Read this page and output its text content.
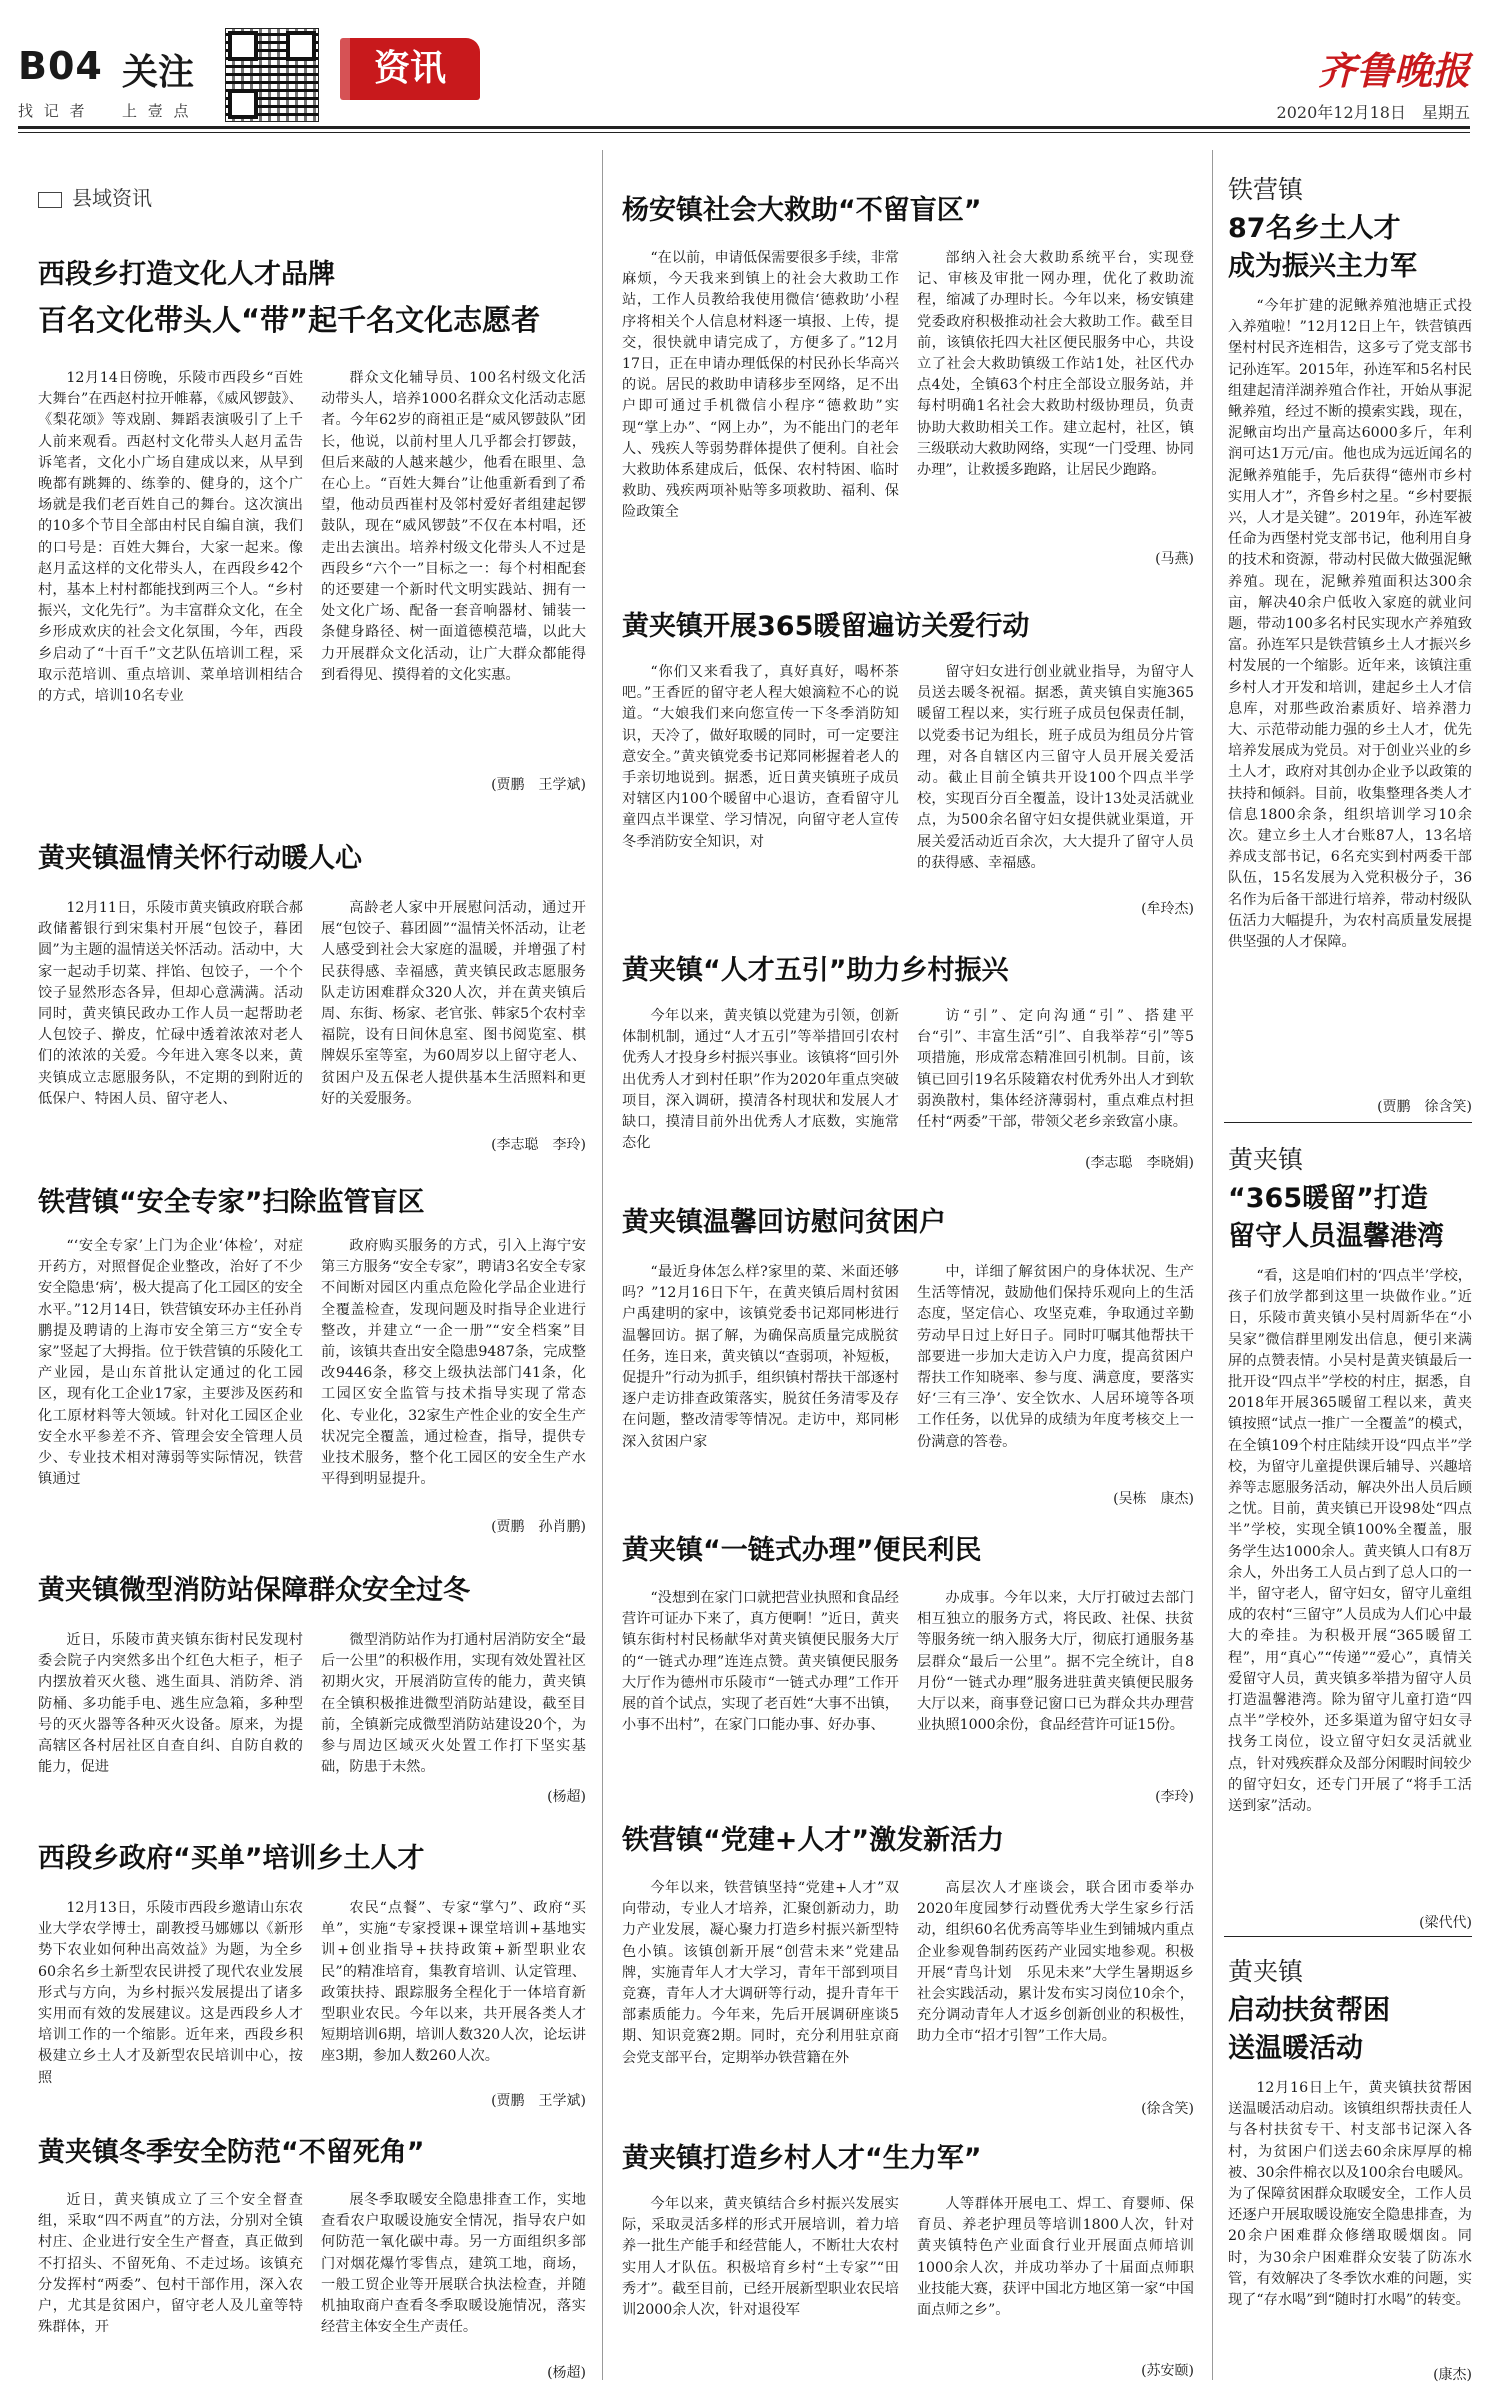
B04 关注
找 记 者 上 壹 点
资讯	齐鲁晚报
2020年12月18日　星期五
县域资讯
西段乡打造文化人才品牌
百名文化带头人“带”起千名文化志愿者

12月14日傍晚，乐陵市西段乡“百姓大舞台”在西赵村拉开帷幕，《威风锣鼓》、《梨花颂》等戏剧、舞蹈表演吸引了上千人前来观看。西赵村文化带头人赵月孟告诉笔者，文化小广场自建成以来，从早到晚都有跳舞的、练拳的、健身的，这个广场就是我们老百姓自己的舞台。这次演出的10多个节目全部由村民自编自演，我们的口号是：百姓大舞台，大家一起来。像赵月孟这样的文化带头人，在西段乡42个村，基本上村村都能找到两三个人。“乡村振兴，文化先行”。为丰富群众文化，在全乡形成欢庆的社会文化氛围，今年，西段乡启动了“十百千”文艺队伍培训工程，采取示范培训、重点培训、菜单培训相结合的方式，培训10名专业

群众文化辅导员、100名村级文化活动带头人，培养1000名群众文化活动志愿者。今年62岁的商祖正是“威风锣鼓队”团长，他说，以前村里人几乎都会打锣鼓，但后来敲的人越来越少，他看在眼里、急在心上。“百姓大舞台”让他重新看到了希望，他动员西崔村及邻村爱好者组建起锣鼓队，现在“威风锣鼓”不仅在本村唱，还走出去演出。培养村级文化带头人不过是西段乡“六个一”目标之一：每个村相配套的还要建一个新时代文明实践站、拥有一处文化广场、配备一套音响器材、铺装一条健身路径、树一面道德模范墙，以此大力开展群众文化活动，让广大群众都能得到看得见、摸得着的文化实惠。

(贾鹏　王学斌)
黄夹镇温情关怀行动暖人心

12月11日，乐陵市黄夹镇政府联合郝政储蓄银行到宋集村开展“包饺子，暮团圆”为主题的温情送关怀活动。活动中，大家一起动手切菜、拌馅、包饺子，一个个饺子显然形态各异，但却心意满满。活动同时，黄夹镇民政办工作人员一起帮助老人包饺子、擀皮，忙碌中透着浓浓对老人们的浓浓的关爱。今年进入寒冬以来，黄夹镇成立志愿服务队，不定期的到附近的低保户、特困人员、留守老人、

高龄老人家中开展慰问活动，通过开展“包饺子、暮团圆”“温情关怀活动，让老人感受到社会大家庭的温暖，并增强了村民获得感、幸福感，黄夹镇民政志愿服务队走访困难群众320人次，并在黄夹镇后周、东街、杨家、老官张、韩家5个农村幸福院，设有日间休息室、图书阅览室、棋牌娱乐室等室，为60周岁以上留守老人、贫困户及五保老人提供基本生活照料和更好的关爱服务。

(李志聪　李玲)
铁营镇“安全专家”扫除监管盲区

“‘安全专家’上门为企业‘体检’，对症开药方，对照督促企业整改，治好了不少安全隐患‘病’，极大提高了化工园区的安全水平。”12月14日，铁营镇安环办主任孙肖鹏提及聘请的上海市安全第三方“安全专家”竖起了大拇指。位于铁营镇的乐陵化工产业园，是山东首批认定通过的化工园区，现有化工企业17家，主要涉及医药和化工原材料等大领域。针对化工园区企业安全水平参差不齐、管理会安全管理人员少、专业技术相对薄弱等实际情况，铁营镇通过

政府购买服务的方式，引入上海宁安第三方服务“安全专家”，聘请3名安全专家不间断对园区内重点危险化学品企业进行全覆盖检查，发现问题及时指导企业进行整改，并建立“一企一册”“安全档案”目前，该镇共查出安全隐患9487条，完成整改9446条，移交上级执法部门41条，化工园区安全监管与技术指导实现了常态化、专业化，32家生产性企业的安全生产状况完全覆盖，通过检查，指导，提供专业技术服务，整个化工园区的安全生产水平得到明显提升。

(贾鹏　孙肖鹏)
黄夹镇微型消防站保障群众安全过冬

近日，乐陵市黄夹镇东街村民发现村委会院子内突然多出个红色大柜子，柜子内摆放着灭火毯、逃生面具、消防斧、消防桶、多功能手电、逃生应急箱，多种型号的灭火器等各种灭火设备。原来，为提高辖区各村居社区自查自纠、自防自救的能力，促进

微型消防站作为打通村居消防安全“最后一公里”的积极作用，实现有效处置社区初期火灾，开展消防宣传的能力，黄夹镇在全镇积极推进微型消防站建设，截至目前，全镇新完成微型消防站建设20个，为参与周边区域灭火处置工作打下坚实基础，防患于未然。

(杨超)
西段乡政府“买单”培训乡土人才

12月13日，乐陵市西段乡邀请山东农业大学农学博士，副教授马娜娜以《新形势下农业如何种出高效益》为题，为全乡60余名乡土新型农民讲授了现代农业发展形式与方向，为乡村振兴发展提出了诸多实用而有效的发展建议。这是西段乡人才培训工作的一个缩影。近年来，西段乡积极建立乡土人才及新型农民培训中心，按照

农民“点餐”、专家“掌勺”、政府“买单”，实施“专家授课+课堂培训+基地实训+创业指导+扶持政策+新型职业农民”的精准培育，集教育培训、认定管理、政策扶持、跟踪服务全程化于一体培育新型职业农民。今年以来，共开展各类人才短期培训6期，培训人数320人次，论坛讲座3期，参加人数260人次。

(贾鹏　王学斌)
黄夹镇冬季安全防范“不留死角”

近日，黄夹镇成立了三个安全督查组，采取“四不两直”的方法，分别对全镇村庄、企业进行安全生产督查，真正做到不打招头、不留死角、不走过场。该镇充分发挥村“两委”、包村干部作用，深入农户，尤其是贫困户，留守老人及儿童等特殊群体，开

展冬季取暖安全隐患排查工作，实地查看农户取暖设施安全情况，指导农户如何防范一氧化碳中毒。另一方面组织多部门对烟花爆竹零售点，建筑工地，商场，一般工贸企业等开展联合执法检查，并随机抽取商户查看冬季取暖设施情况，落实经营主体安全生产责任。

(杨超)
杨安镇社会大救助“不留盲区”

“在以前，申请低保需要很多手续，非常麻烦，今天我来到镇上的社会大救助工作站，工作人员教给我使用微信‘德救助’小程序将相关个人信息材料逐一填报、上传，提交，很快就申请完成了，方便多了。”12月17日，正在申请办理低保的村民孙长华高兴的说。居民的救助申请移步至网络，足不出户即可通过手机微信小程序“德救助”实现“掌上办”、“网上办”，为不能出门的老年人、残疾人等弱势群体提供了便利。自社会大救助体系建成后，低保、农村特困、临时救助、残疾两项补贴等多项救助、福利、保险政策全

部纳入社会大救助系统平台，实现登记、审核及审批一网办理，优化了救助流程，缩减了办理时长。今年以来，杨安镇建党委政府积极推动社会大救助工作。截至目前，该镇依托四大社区便民服务中心，共设立了社会大救助镇级工作站1处，社区代办点4处，全镇63个村庄全部设立服务站，并每村明确1名社会大救助村级协理员，负责协助大救助相关工作。建立起村，社区，镇三级联动大救助网络，实现“一门受理、协同办理”，让救援多跑路，让居民少跑路。

(马燕)
黄夹镇开展365暖留遍访关爱行动

“你们又来看我了，真好真好，喝杯茶吧。”王香匠的留守老人程大娘滴粒不心的说道。“大娘我们来向您宣传一下冬季消防知识，天冷了，做好取暖的同时，可一定要注意安全。”黄夹镇党委书记郑同彬握着老人的手亲切地说到。据悉，近日黄夹镇班子成员对辖区内100个暖留中心退访，查看留守儿童四点半课堂、学习情况，向留守老人宣传冬季消防安全知识，对

留守妇女进行创业就业指导，为留守人员送去暖冬祝福。据悉，黄夹镇自实施365暖留工程以来，实行班子成员包保责任制，以党委书记为组长，班子成员为组员分片管理，对各自辖区内三留守人员开展关爱活动。截止目前全镇共开设100个四点半学校，实现百分百全覆盖，设计13处灵活就业点，为500余名留守妇女提供就业渠道，开展关爱活动近百余次，大大提升了留守人员的获得感、幸福感。

(牟玲杰)
黄夹镇“人才五引”助力乡村振兴

今年以来，黄夹镇以党建为引领，创新体制机制，通过“人才五引”等举措回引农村优秀人才投身乡村振兴事业。该镇将“回引外出优秀人才到村任职”作为2020年重点突破项目，深入调研，摸清各村现状和发展人才缺口，摸清目前外出优秀人才底数，实施常态化

访“引”、定向沟通“引”、搭建平台“引”、丰富生活“引”、自我举荐“引”等5项措施，形成常态精准回引机制。目前，该镇已回引19名乐陵籍农村优秀外出人才到软弱涣散村，集体经济薄弱村，重点难点村担任村“两委”干部，带领父老乡亲致富小康。

(李志聪　李晓娟)
黄夹镇温馨回访慰问贫困户

“最近身体怎么样?家里的菜、米面还够吗？”12月16日下午，在黄夹镇后周村贫困户禹建明的家中，该镇党委书记郑同彬进行温馨回访。据了解，为确保高质量完成脱贫任务，连日来，黄夹镇以“查弱项，补短板，促提升”行动为抓手，组织镇村帮扶干部逐村逐户走访排查政策落实，脱贫任务清零及存在问题，整改清零等情况。走访中，郑同彬深入贫困户家

中，详细了解贫困户的身体状况、生产生活等情况，鼓励他们保持乐观向上的生活态度，坚定信心、攻坚克难，争取通过辛勤劳动早日过上好日子。同时叮嘱其他帮扶干部要进一步加大走访入户力度，提高贫困户帮扶工作知晓率、参与度、满意度，要落实好‘三有三净’、安全饮水、人居环境等各项工作任务，以优异的成绩为年度考核交上一份满意的答卷。

(吴栋　康杰)
黄夹镇“一链式办理”便民利民

“没想到在家门口就把营业执照和食品经营许可证办下来了，真方便啊！”近日，黄夹镇东街村村民杨献华对黄夹镇便民服务大厅的“一链式办理”连连点赞。黄夹镇便民服务大厅作为德州市乐陵市“一链式办理”工作开展的首个试点，实现了老百姓“大事不出镇，小事不出村”，在家门口能办事、好办事、

办成事。今年以来，大厅打破过去部门相互独立的服务方式，将民政、社保、扶贫等服务统一纳入服务大厅，彻底打通服务基层群众“最后一公里”。据不完全统计，自8月份“一链式办理”服务进驻黄夹镇便民服务大厅以来，商事登记窗口已为群众共办理营业执照1000余份，食品经营许可证15份。

(李玲)
铁营镇“党建+人才”激发新活力

今年以来，铁营镇坚持“党建+人才”双向带动，专业人才培养，汇聚创新动力，助力产业发展，凝心聚力打造乡村振兴新型特色小镇。该镇创新开展“创营未来”党建品牌，实施青年人才大学习，青年干部到项目竞赛，青年人才大调研等行动，提升青年干部素质能力。今年来，先后开展调研座谈5期、知识竞赛2期。同时，充分利用驻京商会党支部平台，定期举办铁营籍在外

高层次人才座谈会，联合团市委举办2020年度园梦行动暨优秀大学生家乡行活动，组织60名优秀高等毕业生到铺城内重点企业参观鲁制药医药产业园实地参观。积极开展“青鸟计划　乐见未来”大学生暑期返乡社会实践活动，累计发布实习岗位10余个，充分调动青年人才返乡创新创业的积极性，助力全市“招才引智”工作大局。

(徐含笑)
黄夹镇打造乡村人才“生力军”

今年以来，黄夹镇结合乡村振兴发展实际，采取灵活多样的形式开展培训，着力培养一批生产能手和经营能人，不断壮大农村实用人才队伍。积极培育乡村“土专家”“田秀才”。截至目前，已经开展新型职业农民培训2000余人次，针对退役军

人等群体开展电工、焊工、育婴师、保育员、养老护理员等培训1800人次，针对黄夹镇特色产业面食行业开展面点师培训1000余人次，并成功举办了十届面点师职业技能大赛，获评中国北方地区第一家“中国面点师之乡”。

(苏安颐)
铁营镇
87名乡土人才
成为振兴主力军

“今年扩建的泥鳅养殖池塘正式投入养殖啦！”12月12日上午，铁营镇西堡村村民齐连相告，这多亏了党支部书记孙连军。2015年，孙连军和5名村民组建起清洋湖养殖合作社，开始从事泥鳅养殖，经过不断的摸索实践，现在，泥鳅亩均出产量高达6000多斤，年利润可达1万元/亩。他也成为远近闻名的泥鳅养殖能手，先后获得“德州市乡村实用人才”，齐鲁乡村之星。“乡村要振兴，人才是关键”。2019年，孙连军被任命为西堡村党支部书记，他利用自身的技术和资源，带动村民做大做强泥鳅养殖。现在，泥鳅养殖面积达300余亩，解决40余户低收入家庭的就业问题，带动100多名村民实现水产养殖致富。孙连军只是铁营镇乡土人才振兴乡村发展的一个缩影。近年来，该镇注重乡村人才开发和培训，建起乡土人才信息库，对那些政治素质好、培养潜力大、示范带动能力强的乡土人才，优先培养发展成为党员。对于创业兴业的乡土人才，政府对其创办企业予以政策的扶持和倾斜。目前，收集整理各类人才信息1800余条，组织培训学习10余次。建立乡土人才台账87人，13名培养成支部书记，6名充实到村两委干部队伍，15名发展为入党积极分子，36名作为后备干部进行培养，带动村级队伍活力大幅提升，为农村高质量发展提供坚强的人才保障。

(贾鹏　徐含笑)
黄夹镇
“365暖留”打造
留守人员温馨港湾

“看，这是咱们村的‘四点半’学校，孩子们放学都到这里一块做作业。”近日，乐陵市黄夹镇小吴村周新华在“小吴家”微信群里刚发出信息，便引来满屏的点赞表情。小吴村是黄夹镇最后一批开设“四点半”学校的村庄，据悉，自2018年开展365暖留工程以来，黄夹镇按照“试点一推广一全覆盖”的模式，在全镇109个村庄陆续开设“四点半”学校，为留守儿童提供课后辅导、兴趣培养等志愿服务活动，解决外出人员后顾之忧。目前，黄夹镇已开设98处“四点半”学校，实现全镇100%全覆盖，服务学生达1000余人。黄夹镇人口有8万余人，外出务工人员占到了总人口的一半，留守老人，留守妇女，留守儿童组成的农村“三留守”人员成为人们心中最大的牵挂。为积极开展“365暖留工程”，用“真心”“传递”“爱心”，真情关爱留守人员，黄夹镇多举措为留守人员打造温馨港湾。除为留守儿童打造“四点半”学校外，还多渠道为留守妇女寻找务工岗位，设立留守妇女灵活就业点，针对残疾群众及部分闲暇时间较少的留守妇女，还专门开展了“将手工活送到家”活动。

(梁代代)
黄夹镇
启动扶贫帮困
送温暖活动

12月16日上午，黄夹镇扶贫帮困送温暖活动启动。该镇组织帮扶责任人与各村扶贫专干、村支部书记深入各村，为贫困户们送去60余床厚厚的棉被、30余件棉衣以及100余台电暖风。为了保障贫困群众取暖安全，工作人员还逐户开展取暖设施安全隐患排查，为20余户困难群众修缮取暖烟囱。同时，为30余户困难群众安装了防冻水管，有效解决了冬季饮水难的问题，实现了“存水喝”到“随时打水喝”的转变。

(康杰)
